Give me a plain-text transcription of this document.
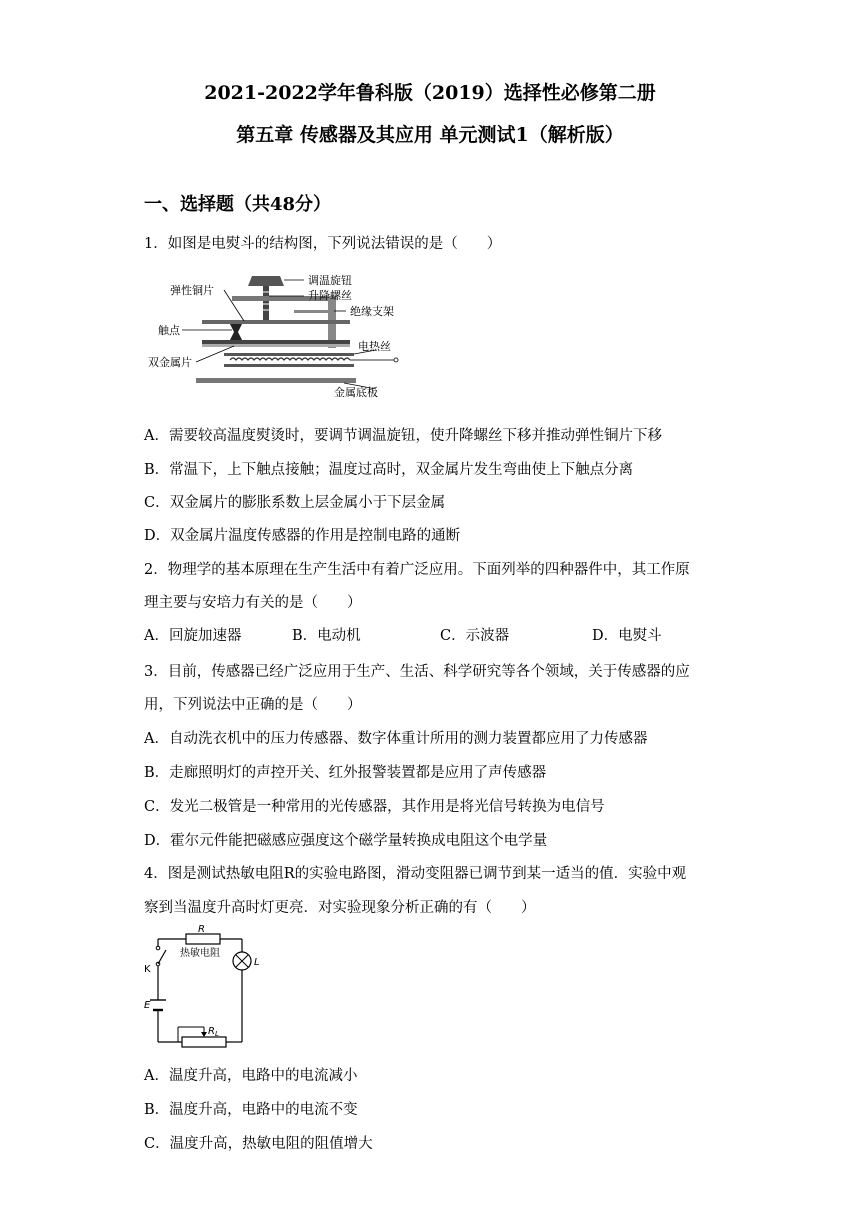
2021-2022学年鲁科版（2019）选择性必修第二册
第五章 传感器及其应用 单元测试1（解析版）
一、选择题（共48分）
1．如图是电熨斗的结构图，下列说法错误的是（　　）
调温旋钮
升降螺丝
弹性铜片
绝缘支架
触点
双金属片
电热丝
金属底板
A．需要较高温度熨烫时，要调节调温旋钮，使升降螺丝下移并推动弹性铜片下移
B．常温下，上下触点接触；温度过高时，双金属片发生弯曲使上下触点分离
C．双金属片的膨胀系数上层金属小于下层金属
D．双金属片温度传感器的作用是控制电路的通断
2．物理学的基本原理在生产生活中有着广泛应用。下面列举的四种器件中，其工作原
理主要与安培力有关的是（　　）
A．回旋加速器	B．电动机	C．示波器	D．电熨斗
3．目前，传感器已经广泛应用于生产、生活、科学研究等各个领域，关于传感器的应
用，下列说法中正确的是（　　）
A．自动洗衣机中的压力传感器、数字体重计所用的测力装置都应用了力传感器
B．走廊照明灯的声控开关、红外报警装置都是应用了声传感器
C．发光二极管是一种常用的光传感器，其作用是将光信号转换为电信号
D．霍尔元件能把磁感应强度这个磁学量转换成电阻这个电学量
4．图是测试热敏电阻R的实验电路图，滑动变阻器已调节到某一适当的值．实验中观
察到当温度升高时灯更亮．对实验现象分析正确的有（　　）
R
热敏电阻
K
L
E
$R_L$
A．温度升高，电路中的电流减小
B．温度升高，电路中的电流不变
C．温度升高，热敏电阻的阻值增大
